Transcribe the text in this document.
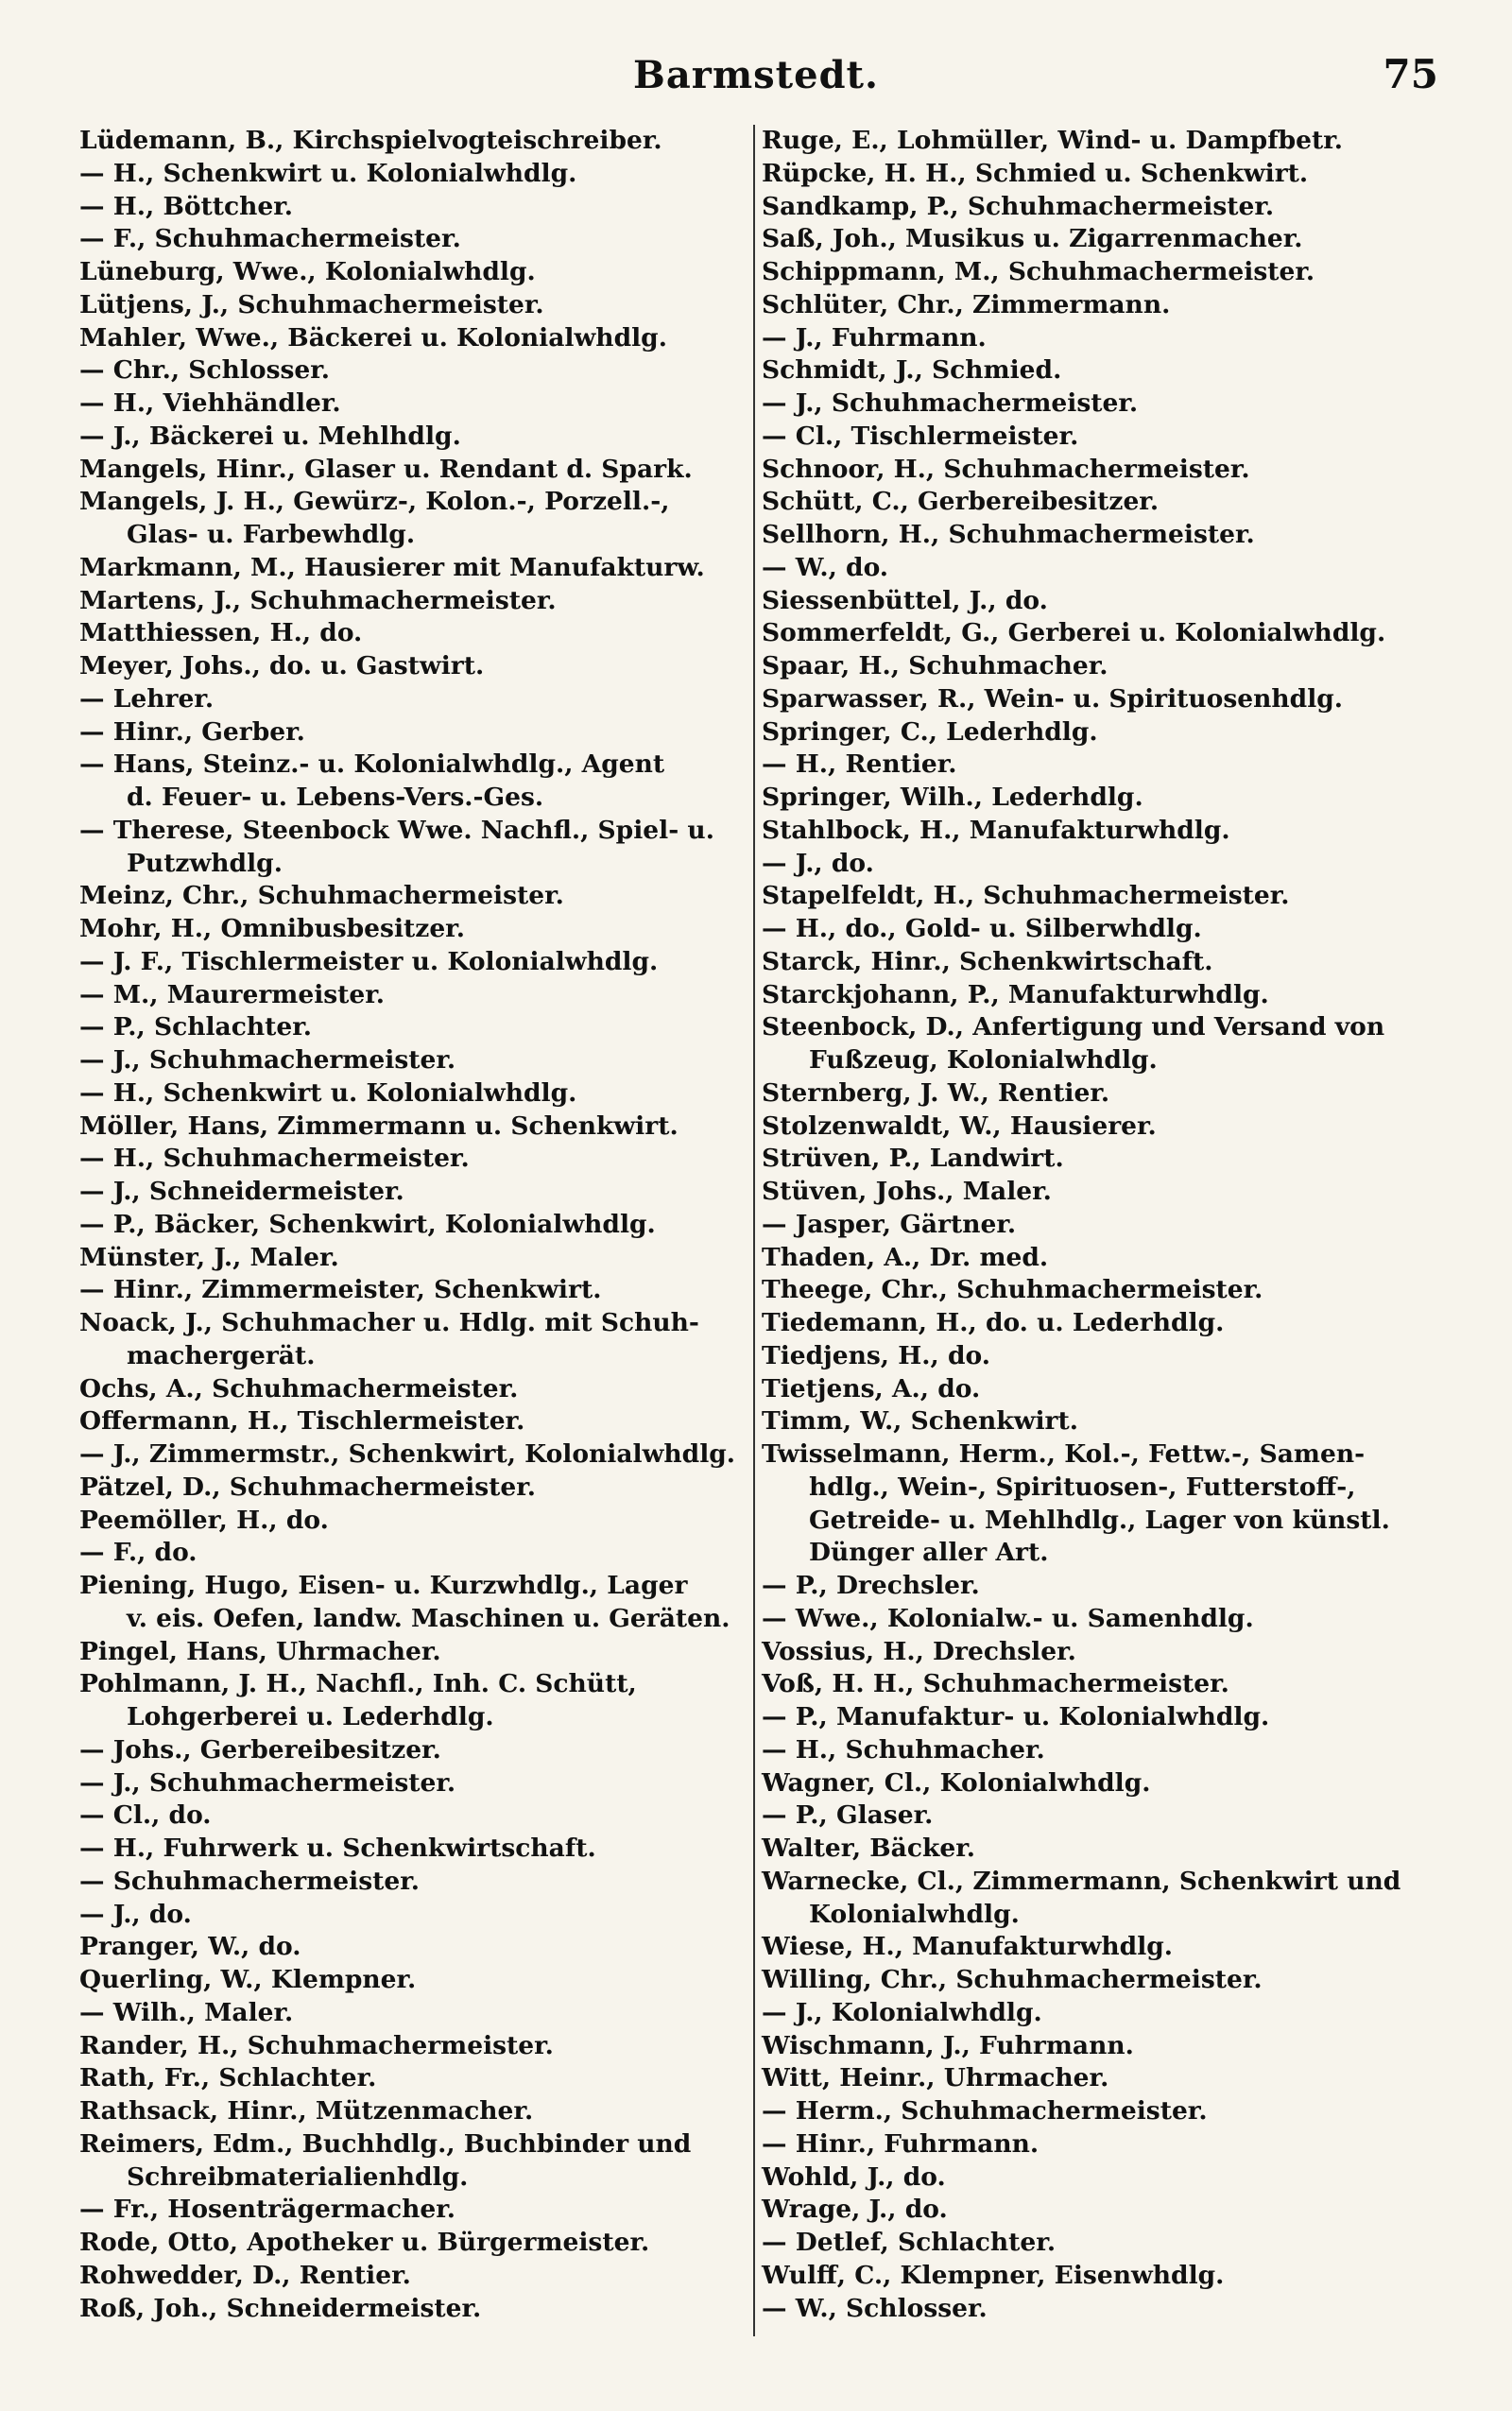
Barmstedt.	75
Lüdemann, B., Kirchspielvogteischreiber.
— H., Schenkwirt u. Kolonialwhdlg.
— H., Böttcher.
— F., Schuhmachermeister.
Lüneburg, Wwe., Kolonialwhdlg.
Lütjens, J., Schuhmachermeister.
Mahler, Wwe., Bäckerei u. Kolonialwhdlg.
— Chr., Schlosser.
— H., Viehhändler.
— J., Bäckerei u. Mehlhdlg.
Mangels, Hinr., Glaser u. Rendant d. Spark.
Mangels, J. H., Gewürz-, Kolon.-, Porzell.-,
Glas- u. Farbewhdlg.
Markmann, M., Hausierer mit Manufakturw.
Martens, J., Schuhmachermeister.
Matthiessen, H., do.
Meyer, Johs., do. u. Gastwirt.
— Lehrer.
— Hinr., Gerber.
— Hans, Steinz.- u. Kolonialwhdlg., Agent
d. Feuer- u. Lebens-Vers.-Ges.
— Therese, Steenbock Wwe. Nachfl., Spiel- u.
Putzwhdlg.
Meinz, Chr., Schuhmachermeister.
Mohr, H., Omnibusbesitzer.
— J. F., Tischlermeister u. Kolonialwhdlg.
— M., Maurermeister.
— P., Schlachter.
— J., Schuhmachermeister.
— H., Schenkwirt u. Kolonialwhdlg.
Möller, Hans, Zimmermann u. Schenkwirt.
— H., Schuhmachermeister.
— J., Schneidermeister.
— P., Bäcker, Schenkwirt, Kolonialwhdlg.
Münster, J., Maler.
— Hinr., Zimmermeister, Schenkwirt.
Noack, J., Schuhmacher u. Hdlg. mit Schuh-
machergerät.
Ochs, A., Schuhmachermeister.
Offermann, H., Tischlermeister.
— J., Zimmermstr., Schenkwirt, Kolonialwhdlg.
Pätzel, D., Schuhmachermeister.
Peemöller, H., do.
— F., do.
Piening, Hugo, Eisen- u. Kurzwhdlg., Lager
v. eis. Oefen, landw. Maschinen u. Geräten.
Pingel, Hans, Uhrmacher.
Pohlmann, J. H., Nachfl., Inh. C. Schütt,
Lohgerberei u. Lederhdlg.
— Johs., Gerbereibesitzer.
— J., Schuhmachermeister.
— Cl., do.
— H., Fuhrwerk u. Schenkwirtschaft.
— Schuhmachermeister.
— J., do.
Pranger, W., do.
Querling, W., Klempner.
— Wilh., Maler.
Rander, H., Schuhmachermeister.
Rath, Fr., Schlachter.
Rathsack, Hinr., Mützenmacher.
Reimers, Edm., Buchhdlg., Buchbinder und
Schreibmaterialienhdlg.
— Fr., Hosenträgermacher.
Rode, Otto, Apotheker u. Bürgermeister.
Rohwedder, D., Rentier.
Roß, Joh., Schneidermeister.
Ruge, E., Lohmüller, Wind- u. Dampfbetr.
Rüpcke, H. H., Schmied u. Schenkwirt.
Sandkamp, P., Schuhmachermeister.
Saß, Joh., Musikus u. Zigarrenmacher.
Schippmann, M., Schuhmachermeister.
Schlüter, Chr., Zimmermann.
— J., Fuhrmann.
Schmidt, J., Schmied.
— J., Schuhmachermeister.
— Cl., Tischlermeister.
Schnoor, H., Schuhmachermeister.
Schütt, C., Gerbereibesitzer.
Sellhorn, H., Schuhmachermeister.
— W., do.
Siessenbüttel, J., do.
Sommerfeldt, G., Gerberei u. Kolonialwhdlg.
Spaar, H., Schuhmacher.
Sparwasser, R., Wein- u. Spirituosenhdlg.
Springer, C., Lederhdlg.
— H., Rentier.
Springer, Wilh., Lederhdlg.
Stahlbock, H., Manufakturwhdlg.
— J., do.
Stapelfeldt, H., Schuhmachermeister.
— H., do., Gold- u. Silberwhdlg.
Starck, Hinr., Schenkwirtschaft.
Starckjohann, P., Manufakturwhdlg.
Steenbock, D., Anfertigung und Versand von
Fußzeug, Kolonialwhdlg.
Sternberg, J. W., Rentier.
Stolzenwaldt, W., Hausierer.
Strüven, P., Landwirt.
Stüven, Johs., Maler.
— Jasper, Gärtner.
Thaden, A., Dr. med.
Theege, Chr., Schuhmachermeister.
Tiedemann, H., do. u. Lederhdlg.
Tiedjens, H., do.
Tietjens, A., do.
Timm, W., Schenkwirt.
Twisselmann, Herm., Kol.-, Fettw.-, Samen-
hdlg., Wein-, Spirituosen-, Futterstoff-,
Getreide- u. Mehlhdlg., Lager von künstl.
Dünger aller Art.
— P., Drechsler.
— Wwe., Kolonialw.- u. Samenhdlg.
Vossius, H., Drechsler.
Voß, H. H., Schuhmachermeister.
— P., Manufaktur- u. Kolonialwhdlg.
— H., Schuhmacher.
Wagner, Cl., Kolonialwhdlg.
— P., Glaser.
Walter, Bäcker.
Warnecke, Cl., Zimmermann, Schenkwirt und
Kolonialwhdlg.
Wiese, H., Manufakturwhdlg.
Willing, Chr., Schuhmachermeister.
— J., Kolonialwhdlg.
Wischmann, J., Fuhrmann.
Witt, Heinr., Uhrmacher.
— Herm., Schuhmachermeister.
— Hinr., Fuhrmann.
Wohld, J., do.
Wrage, J., do.
— Detlef, Schlachter.
Wulff, C., Klempner, Eisenwhdlg.
— W., Schlosser.
